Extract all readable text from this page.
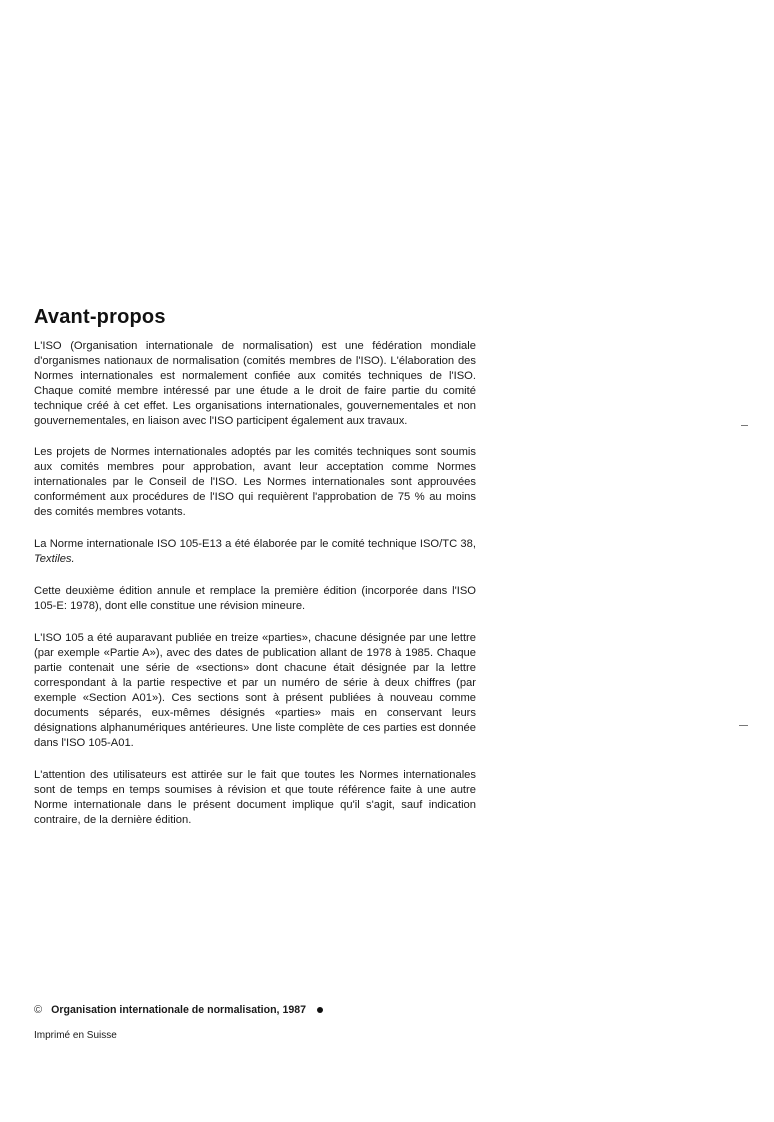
Avant-propos

L'ISO (Organisation internationale de normalisation) est une fédération mondiale d'organismes nationaux de normalisation (comités membres de l'ISO). L'élaboration des Normes internationales est normalement confiée aux comités techniques de l'ISO. Chaque comité membre intéressé par une étude a le droit de faire partie du comité technique créé à cet effet. Les organisations internationales, gouvernementales et non gouvernementales, en liaison avec l'ISO participent également aux travaux.

Les projets de Normes internationales adoptés par les comités techniques sont soumis aux comités membres pour approbation, avant leur acceptation comme Normes internationales par le Conseil de l'ISO. Les Normes internationales sont approuvées conformément aux procédures de l'ISO qui requièrent l'approbation de 75 % au moins des comités membres votants.

La Norme internationale ISO 105-E13 a été élaborée par le comité technique ISO/TC 38, Textiles.

Cette deuxième édition annule et remplace la première édition (incorporée dans l'ISO 105-E: 1978), dont elle constitue une révision mineure.

L'ISO 105 a été auparavant publiée en treize «parties», chacune désignée par une lettre (par exemple «Partie A»), avec des dates de publication allant de 1978 à 1985. Chaque partie contenait une série de «sections» dont chacune était désignée par la lettre correspondant à la partie respective et par un numéro de série à deux chiffres (par exemple «Section A01»). Ces sections sont à présent publiées à nouveau comme documents séparés, eux-mêmes désignés «parties» mais en conservant leurs désignations alphanumériques antérieures. Une liste complète de ces parties est donnée dans l'ISO 105-A01.

L'attention des utilisateurs est attirée sur le fait que toutes les Normes internationales sont de temps en temps soumises à révision et que toute référence faite à une autre Norme internationale dans le présent document implique qu'il s'agit, sauf indication contraire, de la dernière édition.

© Organisation internationale de normalisation, 1987
Imprimé en Suisse
